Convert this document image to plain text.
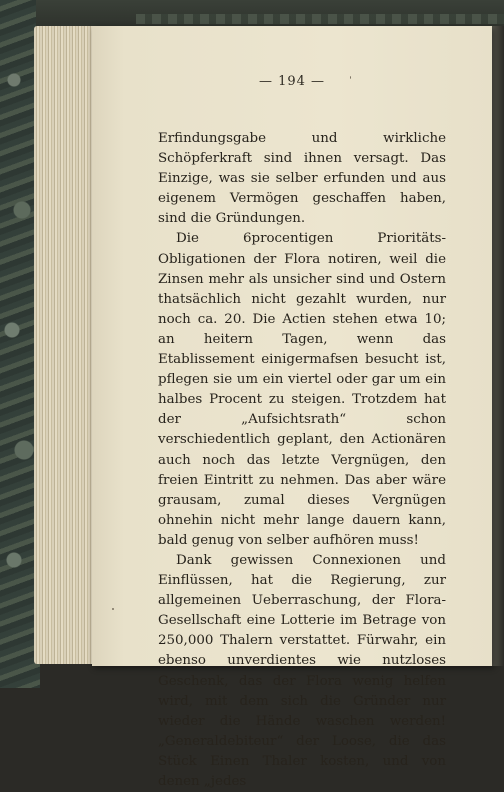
— 194 —

Erfindungsgabe und wirkliche Schöpferkraft sind ihnen versagt. Das Einzige, was sie selber erfunden und aus eigenem Vermögen geschaffen haben, sind die Gründungen.

Die 6procentigen Prioritäts-Obligationen der Flora notiren, weil die Zinsen mehr als unsicher sind und Ostern thatsächlich nicht gezahlt wurden, nur noch ca. 20. Die Actien stehen etwa 10; an heitern Tagen, wenn das Etablissement einigermafsen besucht ist, pflegen sie um ein viertel oder gar um ein halbes Procent zu steigen. Trotzdem hat der „Aufsichtsrath“ schon verschiedentlich geplant, den Actionären auch noch das letzte Vergnügen, den freien Eintritt zu nehmen. Das aber wäre grausam, zumal dieses Vergnügen ohnehin nicht mehr lange dauern kann, bald genug von selber aufhören muss!

Dank gewissen Connexionen und Einflüssen, hat die Regierung, zur allgemeinen Ueberraschung, der Flora-Gesellschaft eine Lotterie im Betrage von 250,000 Thalern verstattet. Fürwahr, ein ebenso unverdientes wie nutzloses Geschenk, das der Flora wenig helfen wird, mit dem sich die Gründer nur wieder die Hände waschen werden! „Generaldebiteur“ der Loose, die das Stück Einen Thaler kosten, und von denen „jedes
